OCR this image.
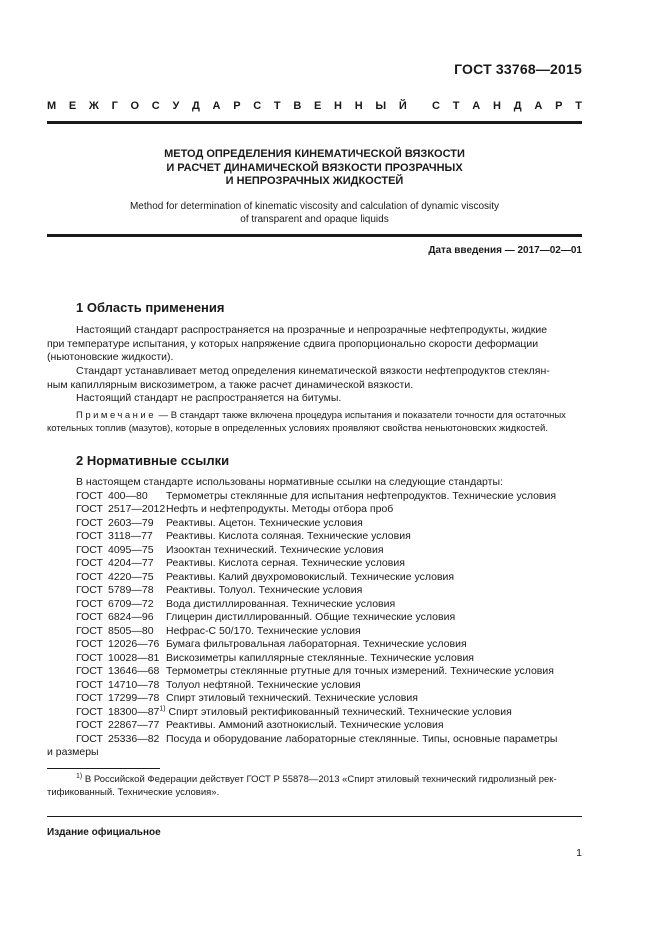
ГОСТ 33768—2015
М Е Ж Г О С У Д А Р С Т В Е Н Н Ы Й С Т А Н Д А Р Т
МЕТОД ОПРЕДЕЛЕНИЯ КИНЕМАТИЧЕСКОЙ ВЯЗКОСТИ
И РАСЧЕТ ДИНАМИЧЕСКОЙ ВЯЗКОСТИ ПРОЗРАЧНЫХ
И НЕПРОЗРАЧНЫХ ЖИДКОСТЕЙ
Method for determination of kinematic viscosity and calculation of dynamic viscosity
of transparent and opaque liquids
Дата введения — 2017—02—01
1 Область применения
Настоящий стандарт распространяется на прозрачные и непрозрачные нефтепродукты, жидкие
при температуре испытания, у которых напряжение сдвига пропорционально скорости деформации
(ньютоновские жидкости).
Стандарт устанавливает метод определения кинематической вязкости нефтепродуктов стеклян-
ным капиллярным вискозиметром, а также расчет динамической вязкости.
Настоящий стандарт не распространяется на битумы.
Примечание — В стандарт также включена процедура испытания и показатели точности для остаточных
котельных топлив (мазутов), которые в определенных условиях проявляют свойства неньютоновских жидкостей.
2 Нормативные ссылки
В настоящем стандарте использованы нормативные ссылки на следующие стандарты:
ГОСТ 400—80 Термометры стеклянные для испытания нефтепродуктов. Технические условия
ГОСТ 2517—2012Нефть и нефтепродукты. Методы отбора проб
ГОСТ 2603—79 Реактивы. Ацетон. Технические условия
ГОСТ 3118—77 Реактивы. Кислота соляная. Технические условия
ГОСТ 4095—75 Изооктан технический. Технические условия
ГОСТ 4204—77 Реактивы. Кислота серная. Технические условия
ГОСТ 4220—75 Реактивы. Калий двухромовокислый. Технические условия
ГОСТ 5789—78 Реактивы. Толуол. Технические условия
ГОСТ 6709—72 Вода дистиллированная. Технические условия
ГОСТ 6824—96 Глицерин дистиллированный. Общие технические условия
ГОСТ 8505—80 Нефрас-С 50/170. Технические условия
ГОСТ 12026—76 Бумага фильтровальная лабораторная. Технические условия
ГОСТ 10028—81 Вискозиметры капиллярные стеклянные. Технические условия
ГОСТ 13646—68 Термометры стеклянные ртутные для точных измерений. Технические условия
ГОСТ 14710—78 Толуол нефтяной. Технические условия
ГОСТ 17299—78 Спирт этиловый технический. Технические условия
ГОСТ 18300—87$^{1)}$ Спирт этиловый ректификованный технический. Технические условия
ГОСТ 22867—77 Реактивы. Аммоний азотнокислый. Технические условия
ГОСТ 25336—82 Посуда и оборудование лабораторные стеклянные. Типы, основные параметры
и размеры
$^{1)}$ В Российской Федерации действует ГОСТ Р 55878—2013 «Спирт этиловый технический гидролизный рек-
тификованный. Технические условия».
Издание официальное
1
